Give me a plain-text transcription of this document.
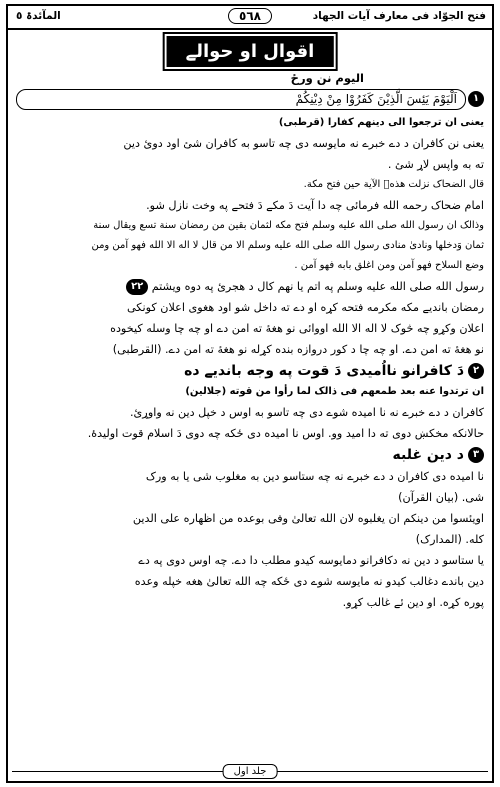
فتح الجوّاد فی معارف آیات الجهاد
٥٦٨
المآئدۃ ٥
اقوال او حوالے

الیوم نن ورځ

١
اَلْيَوْمَ يَئِسَ الَّذِيْنَ كَفَرُوْا مِنْ دِيْنِكُمْ

یعنی ان ترجعوا الی دینهم کفارا (قرطبی)

یعنی نن کافران د دے خبرے نه مایوسه دی چه تاسو به کافران شئ اود دوئ دین

ته به واپس لاړ شئ .

قال الضحاک نزلت هذهٖ الآیة حین فتح مكة.

امام ضحاک رحمه الله فرمائی چه دا آیت دَ مکے دَ فتحے په وخت نازل شو.

وذالک ان رسول الله صلی الله علیه وسلم فتح مكه لثمان بقین من رمضان سنة تسع ویقال سنة

ثمان وَدخلها ونادیٰ منادی رسول الله صلی الله علیه وسلم الا من قال لا اله الا الله فهو آمن ومن

وضع السلاح فهو آمن ومن اغلق بابه فهو آمن .

رسول الله صلی الله علیه وسلم په اتم یا نهم کال د هجرئ په دوه ویشتم ٢٢

رمضان بانديے مکه مکرمه فتحه کړه او دے ته داخل شو اود هغوی اعلان کونکی

اعلان وکړو چه څوک لا اله الا الله اووائی نو هغهٔ ته امن دے او چه چا وسله کیخوده

نو هغهٔ ته امن دے. او چه چا د کور دروازه بنده کړله نو هغهٔ ته امن دے. (القرطبی)

٢دَ کافرانو نااُمیدی دَ قوت په وجه بانديے ده

ان ترتدوا عنه بعد طمعهم فی ذالک لما رأوا من قوته (جلالین)

کافران د دے خبرے نه نا امیده شوے دی چه تاسو به اوس د خپل دین نه واوړئ.

حالانکه مخکښ دوی ته دا امید وو. اوس نا امیده دی ځکه چه دوی دَ اسلام قوت اولیدهٔ.

٣د دین غلبه

نا امیده دی کافران د دے خبرے نه چه ستاسو دین به مغلوب شی یا به ورک

شی. (بیان القرآن)

اویئسوا من دینکم ان یغلبوه لان الله تعالیٰ وفی بوعده من اظهاره علی الدین

کله. (المدارک)

یا ستاسو د دین نه دکافرانو دمایوسه کیدو مطلب دا دے. چه اوس دوی په دے

دین باندے دغالب کیدو نه مایوسه شوے دی ځکه چه الله تعالیٰ هغه خپله وعده

پوره کړه. او دین ئے غالب کړو.

جلد اول
